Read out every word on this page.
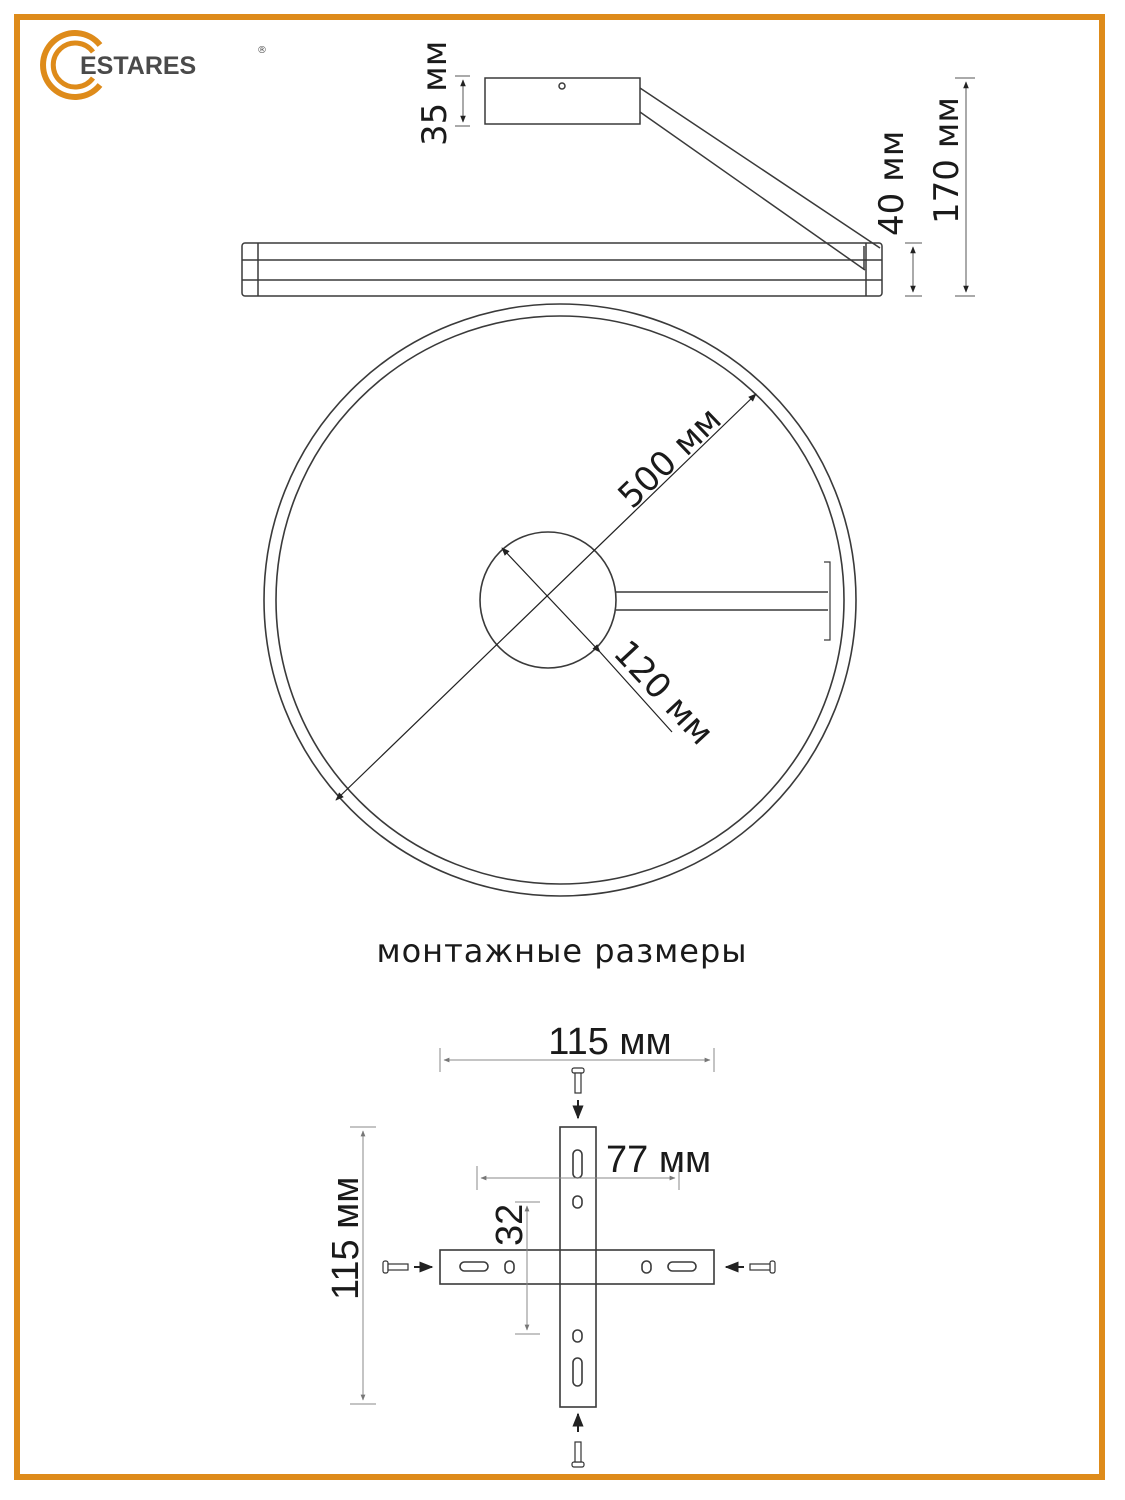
ESTARES
®	35 мм
40 мм 170 мм
500 мм
120 мм
монтажные размеры
115 мм
115 мм
77 мм
32
